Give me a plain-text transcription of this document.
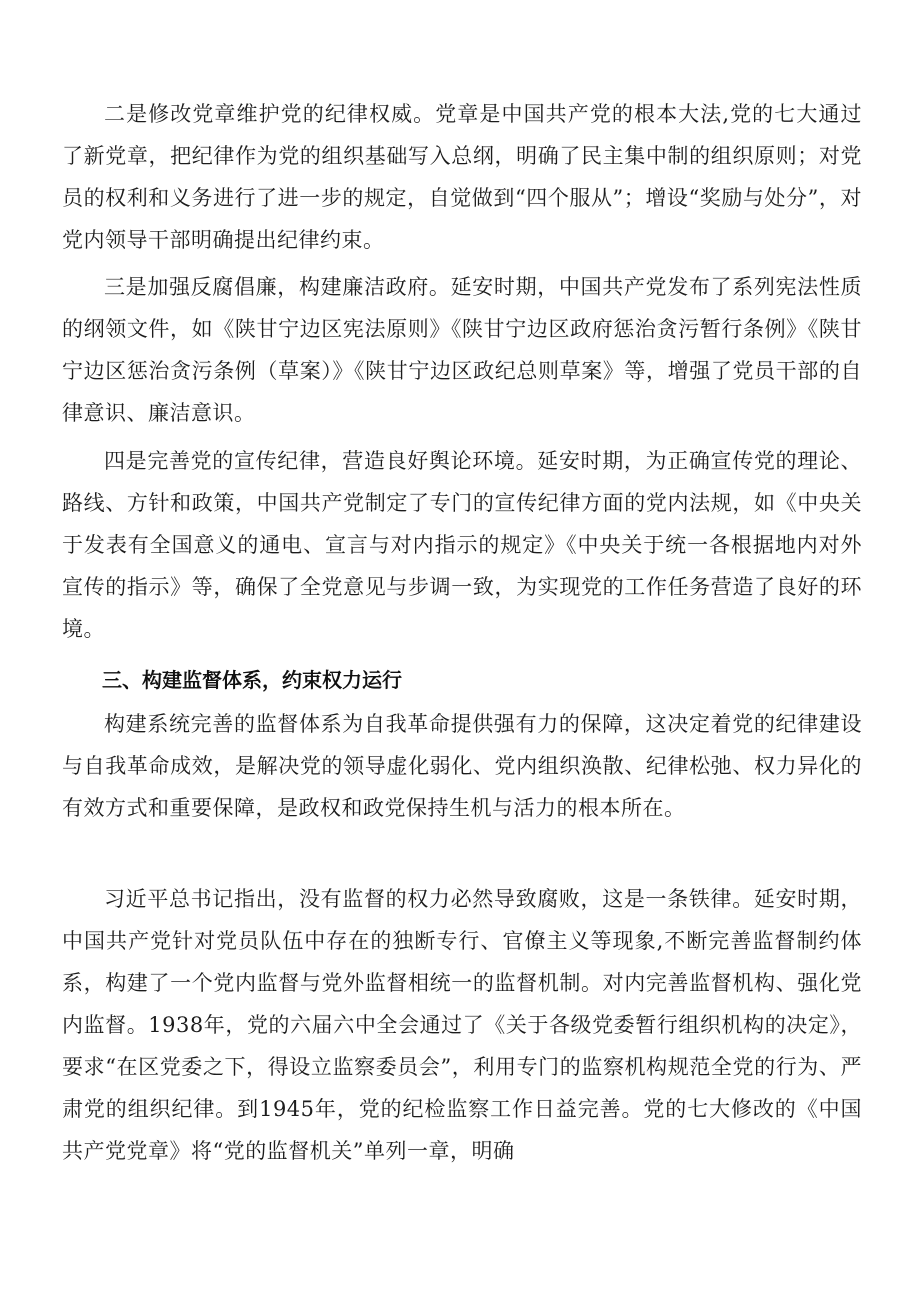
二是修改党章维护党的纪律权威。党章是中国共产党的根本大法,党的七大通过了新党章，把纪律作为党的组织基础写入总纲，明确了民主集中制的组织原则；对党员的权利和义务进行了进一步的规定，自觉做到“四个服从”；增设“奖励与处分”，对党内领导干部明确提出纪律约束。

三是加强反腐倡廉，构建廉洁政府。延安时期，中国共产党发布了系列宪法性质的纲领文件，如《陕甘宁边区宪法原则》《陕甘宁边区政府惩治贪污暂行条例》《陕甘宁边区惩治贪污条例（草案）》《陕甘宁边区政纪总则草案》等，增强了党员干部的自律意识、廉洁意识。

四是完善党的宣传纪律，营造良好舆论环境。延安时期，为正确宣传党的理论、路线、方针和政策，中国共产党制定了专门的宣传纪律方面的党内法规，如《中央关于发表有全国意义的通电、宣言与对内指示的规定》《中央关于统一各根据地内对外宣传的指示》等，确保了全党意见与步调一致，为实现党的工作任务营造了良好的环境。

三、构建监督体系，约束权力运行

构建系统完善的监督体系为自我革命提供强有力的保障，这决定着党的纪律建设与自我革命成效，是解决党的领导虚化弱化、党内组织涣散、纪律松弛、权力异化的有效方式和重要保障，是政权和政党保持生机与活力的根本所在。

习近平总书记指出，没有监督的权力必然导致腐败，这是一条铁律。延安时期，中国共产党针对党员队伍中存在的独断专行、官僚主义等现象,不断完善监督制约体系，构建了一个党内监督与党外监督相统一的监督机制。对内完善监督机构、强化党内监督。1938年，党的六届六中全会通过了《关于各级党委暂行组织机构的决定》，要求“在区党委之下，得设立监察委员会”，利用专门的监察机构规范全党的行为、严肃党的组织纪律。到1945年，党的纪检监察工作日益完善。党的七大修改的《中国共产党党章》将“党的监督机关”单列一章，明确
